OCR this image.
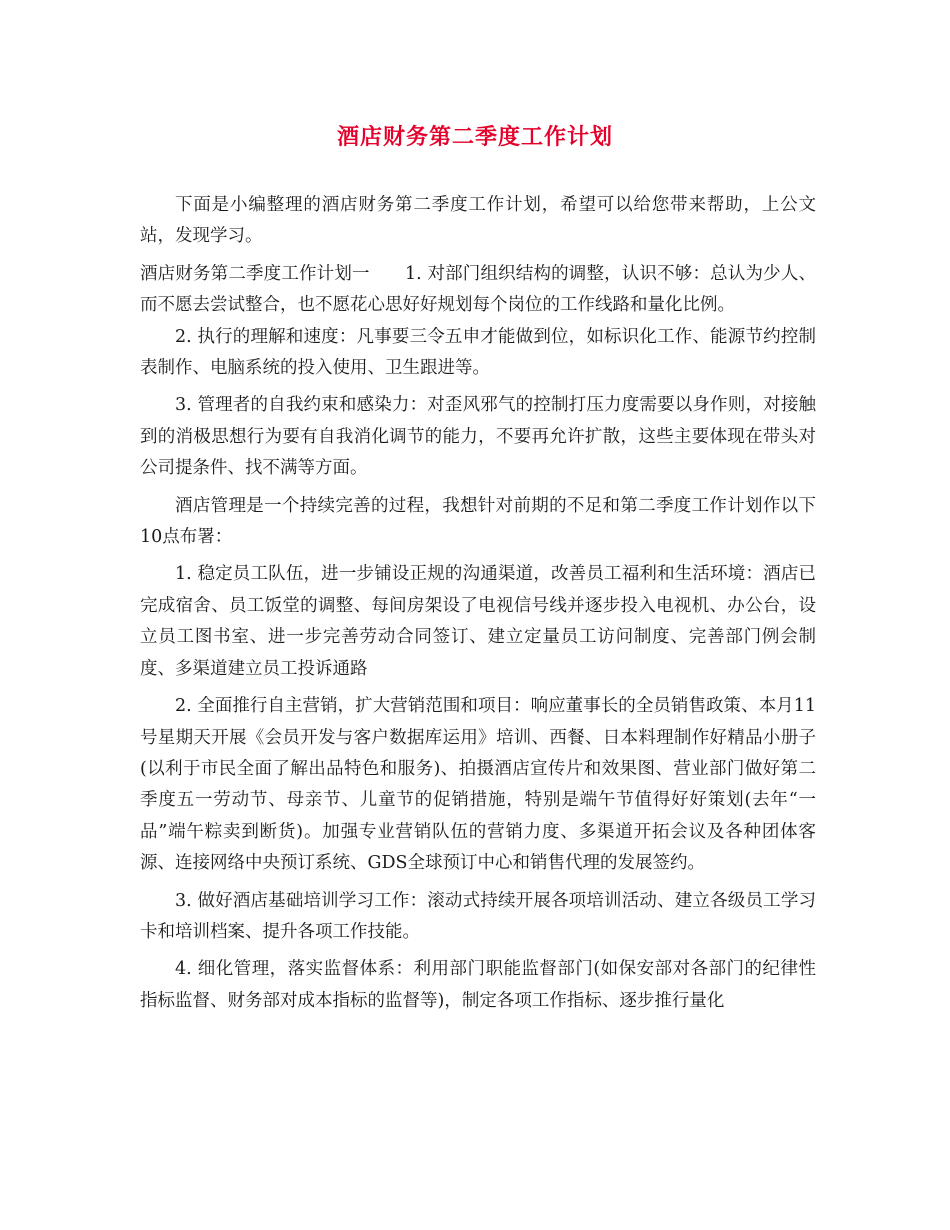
酒店财务第二季度工作计划

下面是小编整理的酒店财务第二季度工作计划，希望可以给您带来帮助，上公文站，发现学习。

酒店财务第二季度工作计划一　　1. 对部门组织结构的调整，认识不够：总认为少人、而不愿去尝试整合，也不愿花心思好好规划每个岗位的工作线路和量化比例。

2. 执行的理解和速度：凡事要三令五申才能做到位，如标识化工作、能源节约控制表制作、电脑系统的投入使用、卫生跟进等。

3. 管理者的自我约束和感染力：对歪风邪气的控制打压力度需要以身作则，对接触到的消极思想行为要有自我消化调节的能力，不要再允许扩散，这些主要体现在带头对公司提条件、找不满等方面。

酒店管理是一个持续完善的过程，我想针对前期的不足和第二季度工作计划作以下10点布署：

1. 稳定员工队伍，进一步铺设正规的沟通渠道，改善员工福利和生活环境：酒店已完成宿舍、员工饭堂的调整、每间房架设了电视信号线并逐步投入电视机、办公台，设立员工图书室、进一步完善劳动合同签订、建立定量员工访问制度、完善部门例会制度、多渠道建立员工投诉通路

2. 全面推行自主营销，扩大营销范围和项目：响应董事长的全员销售政策、本月11号星期天开展《会员开发与客户数据库运用》培训、西餐、日本料理制作好精品小册子(以利于市民全面了解出品特色和服务)、拍摄酒店宣传片和效果图、营业部门做好第二季度五一劳动节、母亲节、儿童节的促销措施，特别是端午节值得好好策划(去年“一品”端午粽卖到断货)。加强专业营销队伍的营销力度、多渠道开拓会议及各种团体客源、连接网络中央预订系统、GDS全球预订中心和销售代理的发展签约。

3. 做好酒店基础培训学习工作：滚动式持续开展各项培训活动、建立各级员工学习卡和培训档案、提升各项工作技能。

4. 细化管理，落实监督体系：利用部门职能监督部门(如保安部对各部门的纪律性指标监督、财务部对成本指标的监督等)，制定各项工作指标、逐步推行量化
